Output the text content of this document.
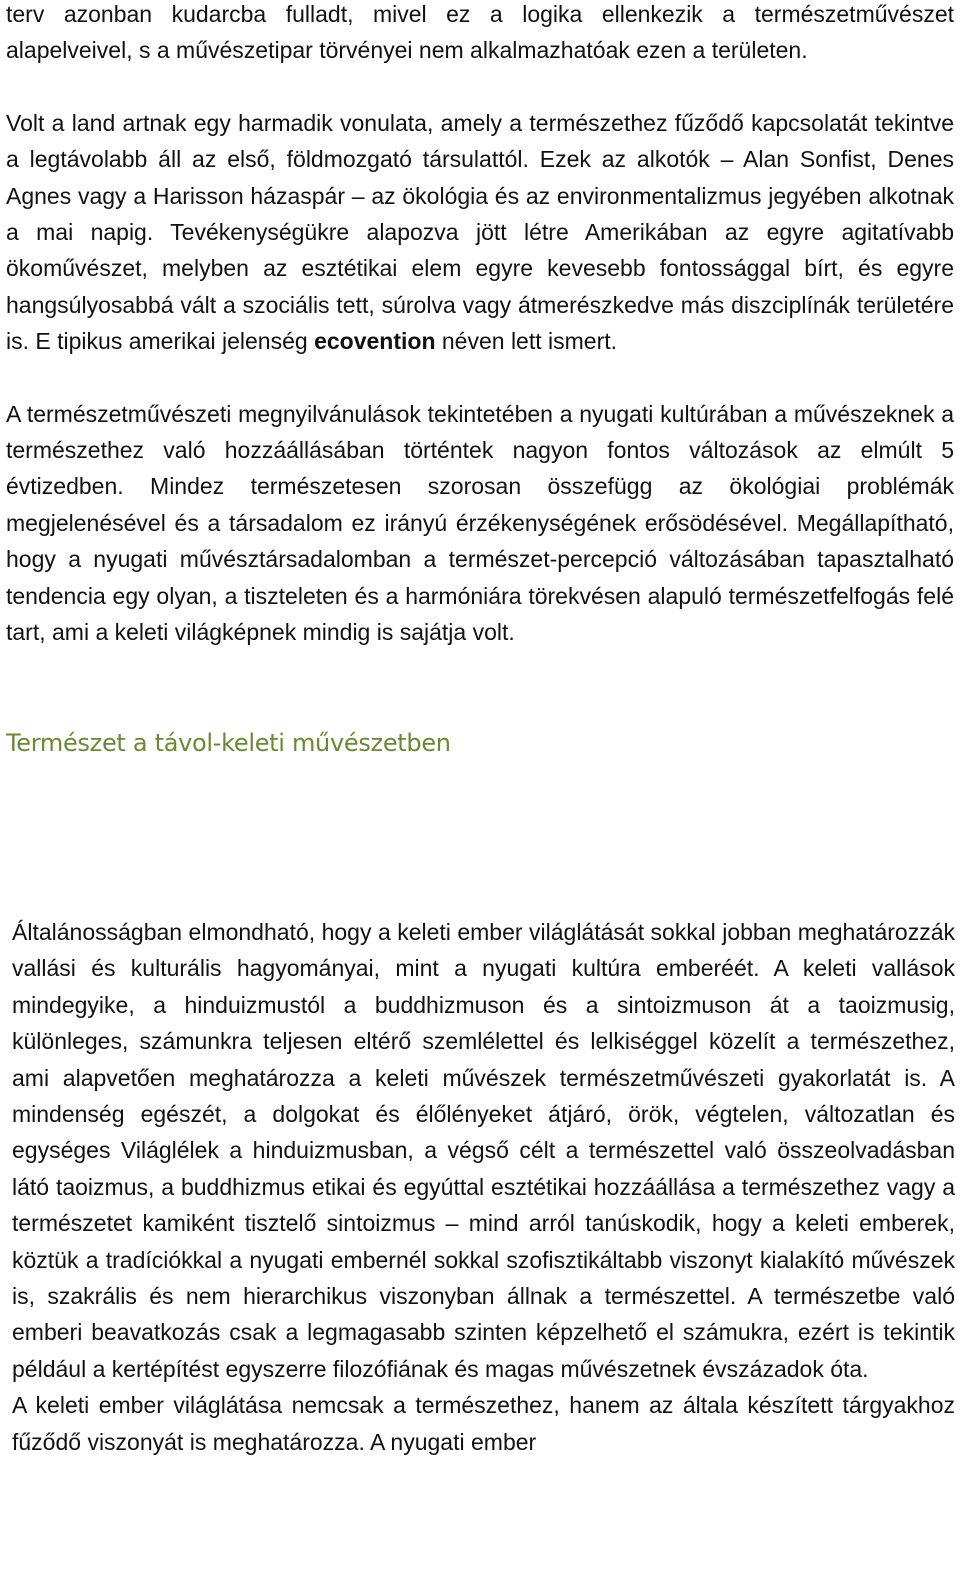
terv azonban kudarcba fulladt, mivel ez a logika ellenkezik a természetművészet alapelveivel, s a művészetipar törvényei nem alkalmazhatóak ezen a területen.

Volt a land artnak egy harmadik vonulata, amely a természethez fűződő kapcsolatát tekintve a legtávolabb áll az első, földmozgató társulattól. Ezek az alkotók – Alan Sonfist, Denes Agnes vagy a Harisson házaspár – az ökológia és az environmentalizmus jegyében alkotnak a mai napig. Tevékenységükre alapozva jött létre Amerikában az egyre agitatívabb ökoművészet, melyben az esztétikai elem egyre kevesebb fontossággal bírt, és egyre hangsúlyosabbá vált a szociális tett, súrolva vagy átmerészkedve más diszciplínák területére is. E tipikus amerikai jelenség ecovention néven lett ismert.

A természetművészeti megnyilvánulások tekintetében a nyugati kultúrában a művészeknek a természethez való hozzáállásában történtek nagyon fontos változások az elmúlt 5 évtizedben. Mindez természetesen szorosan összefügg az ökológiai problémák megjelenésével és a társadalom ez irányú érzékenységének erősödésével. Megállapítható, hogy a nyugati művésztársadalomban a természet-percepció változásában tapasztalható tendencia egy olyan, a tiszteleten és a harmóniára törekvésen alapuló természetfelfogás felé tart, ami a keleti világképnek mindig is sajátja volt.

Természet a távol-keleti művészetben

Általánosságban elmondható, hogy a keleti ember világlátását sokkal jobban meghatározzák vallási és kulturális hagyományai, mint a nyugati kultúra emberéét. A keleti vallások mindegyike, a hinduizmustól a buddhizmuson és a sintoizmuson át a taoizmusig, különleges, számunkra teljesen eltérő szemlélettel és lelkiséggel közelít a természethez, ami alapvetően meghatározza a keleti művészek természetművészeti gyakorlatát is. A mindenség egészét, a dolgokat és élőlényeket átjáró, örök, végtelen, változatlan és egységes Világlélek a hinduizmusban, a végső célt a természettel való összeolvadásban látó taoizmus, a buddhizmus etikai és egyúttal esztétikai hozzáállása a természethez vagy a természetet kamiként tisztelő sintoizmus – mind arról tanúskodik, hogy a keleti emberek, köztük a tradíciókkal a nyugati embernél sokkal szofisztikáltabb viszonyt kialakító művészek is, szakrális és nem hierarchikus viszonyban állnak a természettel. A természetbe való emberi beavatkozás csak a legmagasabb szinten képzelhető el számukra, ezért is tekintik például a kertépítést egyszerre filozófiának és magas művészetnek évszázadok óta.

A keleti ember világlátása nemcsak a természethez, hanem az általa készített tárgyakhoz fűződő viszonyát is meghatározza. A nyugati ember
